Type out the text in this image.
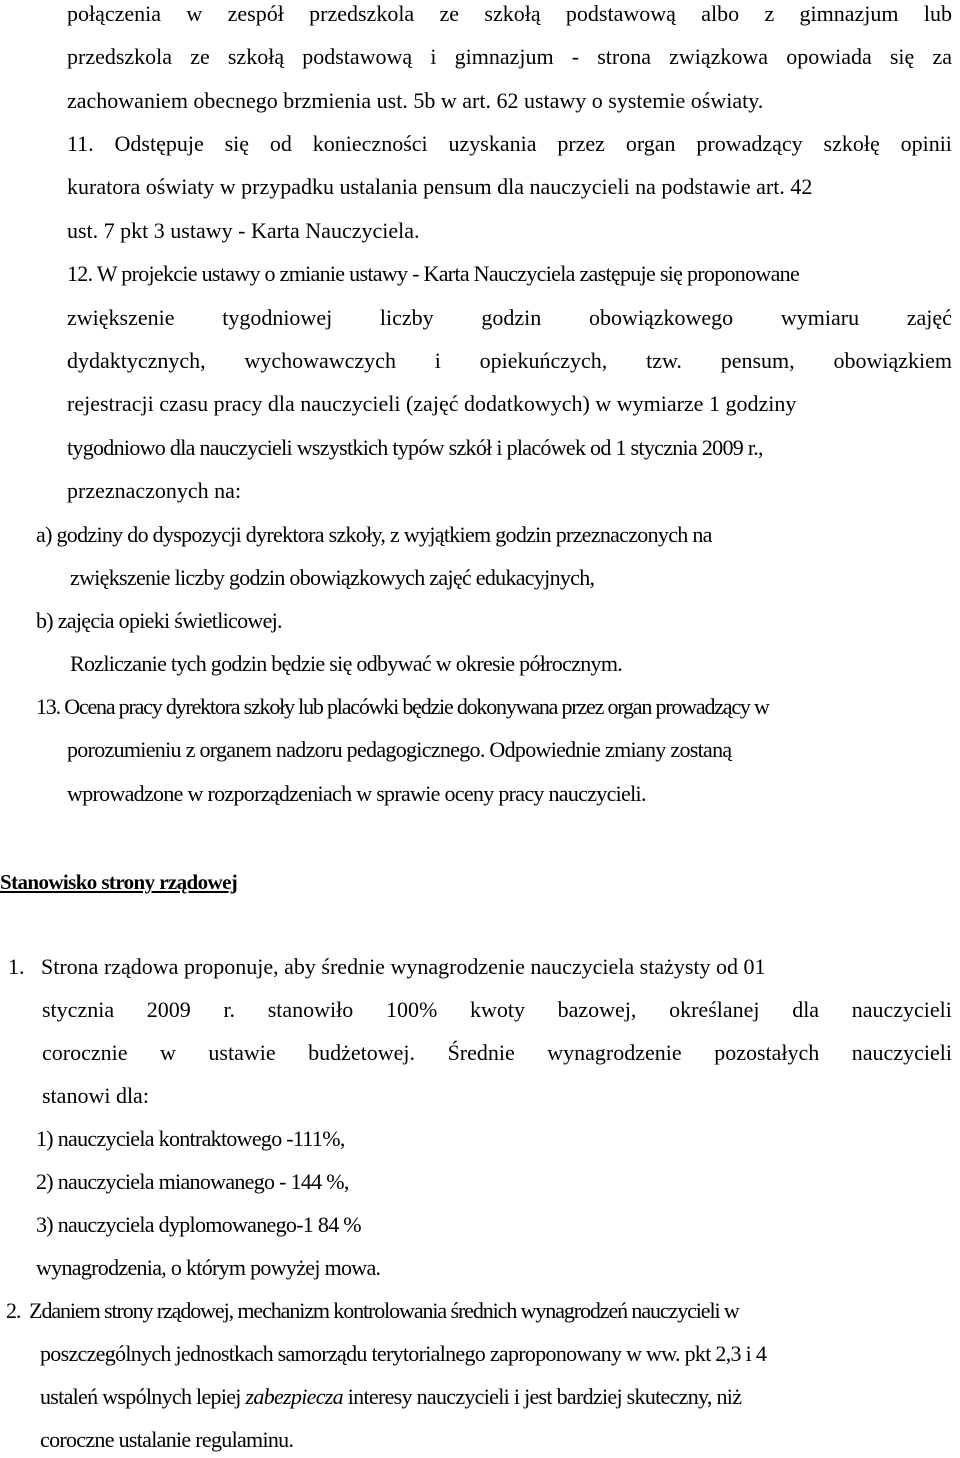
połączenia w zespół przedszkola ze szkołą podstawową albo z gimnazjum lub
przedszkola ze szkołą podstawową i gimnazjum - strona związkowa opowiada się za
zachowaniem obecnego brzmienia ust. 5b w art. 62 ustawy o systemie oświaty.
11. Odstępuje się od konieczności uzyskania przez organ prowadzący szkołę opinii
kuratora oświaty w przypadku ustalania pensum dla nauczycieli na podstawie art. 42
ust. 7 pkt 3 ustawy - Karta Nauczyciela.
12. W projekcie ustawy o zmianie ustawy - Karta Nauczyciela zastępuje się proponowane
zwiększenie tygodniowej liczby godzin obowiązkowego wymiaru zajęć
dydaktycznych, wychowawczych i opiekuńczych, tzw. pensum, obowiązkiem
rejestracji czasu pracy dla nauczycieli (zajęć dodatkowych) w wymiarze 1 godziny
tygodniowo dla nauczycieli wszystkich typów szkół i placówek od 1 stycznia 2009 r.,
przeznaczonych na:
a) godziny do dyspozycji dyrektora szkoły, z wyjątkiem godzin przeznaczonych na
zwiększenie liczby godzin obowiązkowych zajęć edukacyjnych,
b) zajęcia opieki świetlicowej.
Rozliczanie tych godzin będzie się odbywać w okresie półrocznym.
13. Ocena pracy dyrektora szkoły lub placówki będzie dokonywana przez organ prowadzący w
porozumieniu z organem nadzoru pedagogicznego. Odpowiednie zmiany zostaną
wprowadzone w rozporządzeniach w sprawie oceny pracy nauczycieli.
Stanowisko strony rządowej
1.   Strona rządowa proponuje, aby średnie wynagrodzenie nauczyciela stażysty od 01
stycznia 2009 r. stanowiło 100% kwoty bazowej, określanej dla nauczycieli
corocznie w ustawie budżetowej. Średnie wynagrodzenie pozostałych nauczycieli
stanowi dla:
1) nauczyciela kontraktowego -111%,
2) nauczyciela mianowanego - 144 %,
3) nauczyciela dyplomowanego-1 84 %
wynagrodzenia, o którym powyżej mowa.
2.  Zdaniem strony rządowej, mechanizm kontrolowania średnich wynagrodzeń nauczycieli w
poszczególnych jednostkach samorządu terytorialnego zaproponowany w ww. pkt 2,3 i 4
ustaleń wspólnych lepiej zabezpiecza interesy nauczycieli i jest bardziej skuteczny, niż
coroczne ustalanie regulaminu.
